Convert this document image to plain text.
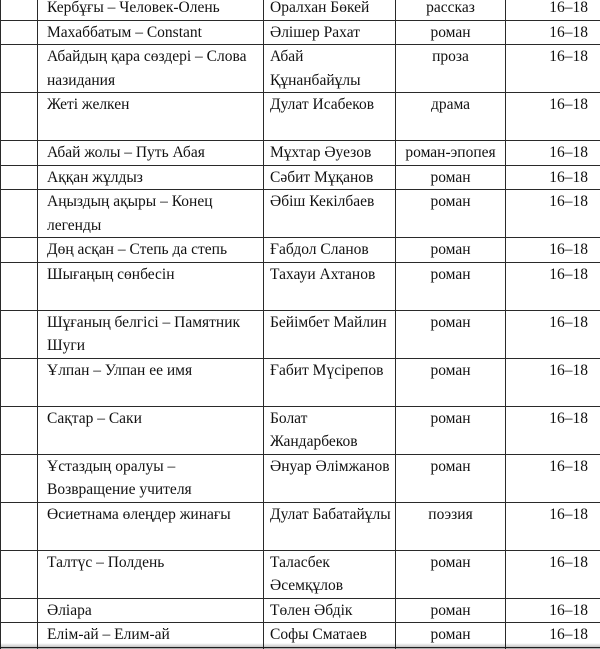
	Кербұғы – Человек-Олень	Оралхан Бөкей	рассказ	16–18
	Махаббатым – Constant	Әлішер Рахат	роман	16–18
	Абайдың қара сөздері – Слова назидания	Абай Құнанбайұлы	проза	16–18
	Жеті желкен	Дулат Исабеков	драма	16–18
	Абай жолы – Путь Абая	Мұхтар Әуезов	роман-эпопея	16–18
	Аққан жұлдыз	Сәбит Мұқанов	роман	16–18
	Аңыздың ақыры – Конец легенды	Әбіш Кекілбаев	роман	16–18
	Дөң асқан – Степь да степь	Ғабдол Сланов	роман	16–18
	Шығаңың сөнбесін	Тахауи Ахтанов	роман	16–18
	Шұғаның белгісі – Памятник Шуги	Бейімбет Майлин	роман	16–18
	Ұлпан – Улпан ее имя	Ғабит Мүсірепов	роман	16–18
	Сақтар – Саки	Болат Жандарбеков	роман	16–18
	Ұстаздың оралуы – Возвращение учителя	Әнуар Әлімжанов	роман	16–18
	Өсиетнама өлеңдер жинағы	Дулат Бабатайұлы	поэзия	16–18
	Талтүс – Полдень	Таласбек Әсемқұлов	роман	16–18
	Әліара	Төлен Әбдік	роман	16–18
	Елім-ай – Елим-ай	Софы Сматаев	роман	16–18
